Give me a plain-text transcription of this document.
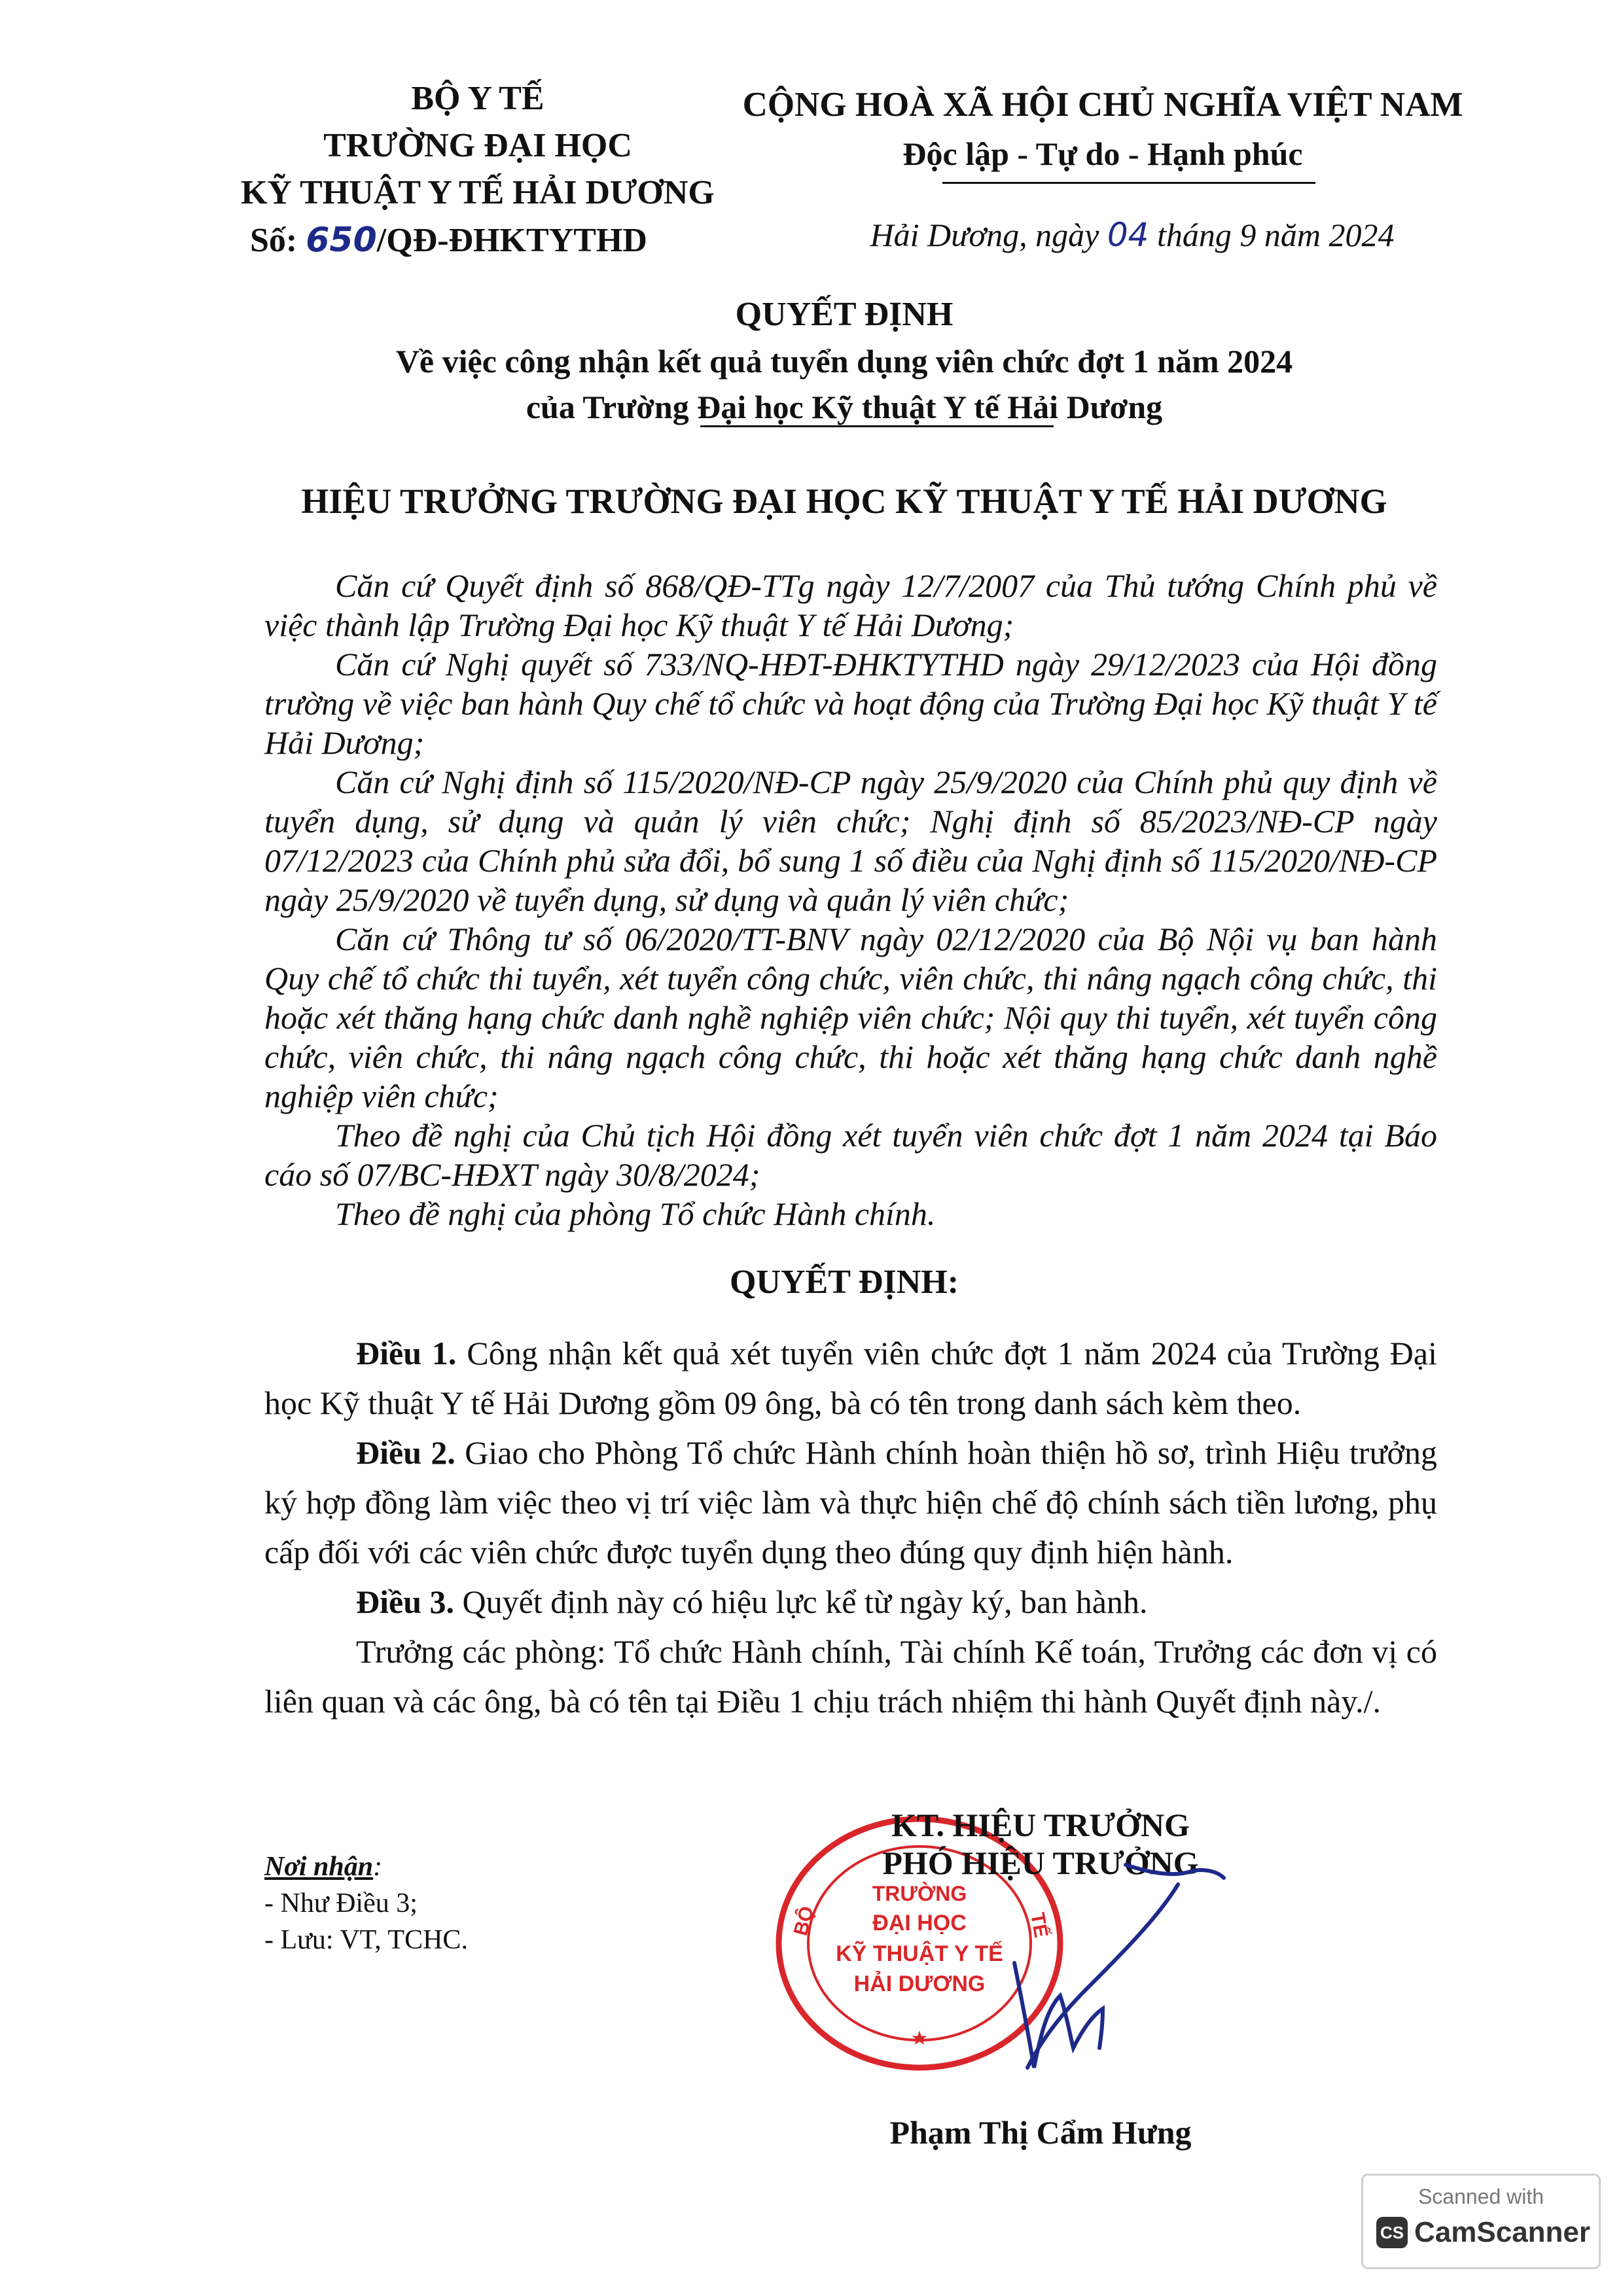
BỘ Y TẾ
TRƯỜNG ĐẠI HỌC
KỸ THUẬT Y TẾ HẢI DƯƠNG
Số: 650/QĐ-ĐHKTYTHD
CỘNG HOÀ XÃ HỘI CHỦ NGHĨA VIỆT NAM
Độc lập - Tự do - Hạnh phúc
Hải Dương, ngày 04 tháng 9 năm 2024
QUYẾT ĐỊNH
Về việc công nhận kết quả tuyển dụng viên chức đợt 1 năm 2024
của Trường Đại học Kỹ thuật Y tế Hải Dương
HIỆU TRƯỞNG TRƯỜNG ĐẠI HỌC KỸ THUẬT Y TẾ HẢI DƯƠNG

Căn cứ Quyết định số 868/QĐ-TTg ngày 12/7/2007 của Thủ tướng Chính phủ về việc thành lập Trường Đại học Kỹ thuật Y tế Hải Dương;

Căn cứ Nghị quyết số 733/NQ-HĐT-ĐHKTYTHD ngày 29/12/2023 của Hội đồng trường về việc ban hành Quy chế tổ chức và hoạt động của Trường Đại học Kỹ thuật Y tế Hải Dương;

Căn cứ Nghị định số 115/2020/NĐ-CP ngày 25/9/2020 của Chính phủ quy định về tuyển dụng, sử dụng và quản lý viên chức; Nghị định số 85/2023/NĐ-CP ngày 07/12/2023 của Chính phủ sửa đổi, bổ sung 1 số điều của Nghị định số 115/2020/NĐ-CP ngày 25/9/2020 về tuyển dụng, sử dụng và quản lý viên chức;

Căn cứ Thông tư số 06/2020/TT-BNV ngày 02/12/2020 của Bộ Nội vụ ban hành Quy chế tổ chức thi tuyển, xét tuyển công chức, viên chức, thi nâng ngạch công chức, thi hoặc xét thăng hạng chức danh nghề nghiệp viên chức; Nội quy thi tuyển, xét tuyển công chức, viên chức, thi nâng ngạch công chức, thi hoặc xét thăng hạng chức danh nghề nghiệp viên chức;

Theo đề nghị của Chủ tịch Hội đồng xét tuyển viên chức đợt 1 năm 2024 tại Báo cáo số 07/BC-HĐXT ngày 30/8/2024;

Theo đề nghị của phòng Tổ chức Hành chính.

QUYẾT ĐỊNH:

Điều 1. Công nhận kết quả xét tuyển viên chức đợt 1 năm 2024 của Trường Đại học Kỹ thuật Y tế Hải Dương gồm 09 ông, bà có tên trong danh sách kèm theo.

Điều 2. Giao cho Phòng Tổ chức Hành chính hoàn thiện hồ sơ, trình Hiệu trưởng ký hợp đồng làm việc theo vị trí việc làm và thực hiện chế độ chính sách tiền lương, phụ cấp đối với các viên chức được tuyển dụng theo đúng quy định hiện hành.

Điều 3. Quyết định này có hiệu lực kể từ ngày ký, ban hành.

Trưởng các phòng: Tổ chức Hành chính, Tài chính Kế toán, Trưởng các đơn vị có liên quan và các ông, bà có tên tại Điều 1 chịu trách nhiệm thi hành Quyết định này./.

Nơi nhận:
- Như Điều 3;
- Lưu: VT, TCHC.
BỘ	TẾ
TRƯỜNG
ĐẠI HỌC
KỸ THUẬT Y TẾ
HẢI DƯƠNG
★
KT. HIỆU TRƯỞNG
PHÓ HIỆU TRƯỞNG
Phạm Thị Cẩm Hưng
Scanned with
CS CamScanner
